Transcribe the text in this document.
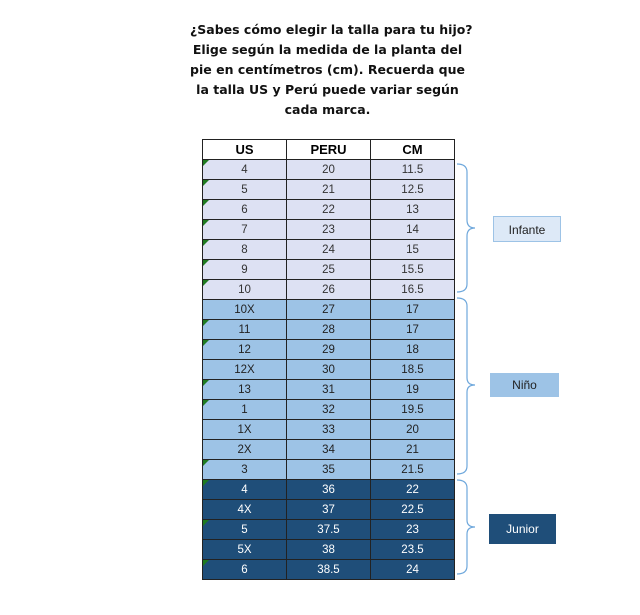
¿Sabes cómo elegir la talla para tu hijo?
Elige según la medida de la planta del
pie en centímetros (cm). Recuerda que
la talla US y Perú puede variar según
cada marca.

US	PERU	CM
4	20	11.5
5	21	12.5
6	22	13
7	23	14
8	24	15
9	25	15.5
10	26	16.5
10X	27	17
11	28	17
12	29	18
12X	30	18.5
13	31	19
1	32	19.5
1X	33	20
2X	34	21
3	35	21.5
4	36	22
4X	37	22.5
5	37.5	23
5X	38	23.5
6	38.5	24
Infante
Niño
Junior
